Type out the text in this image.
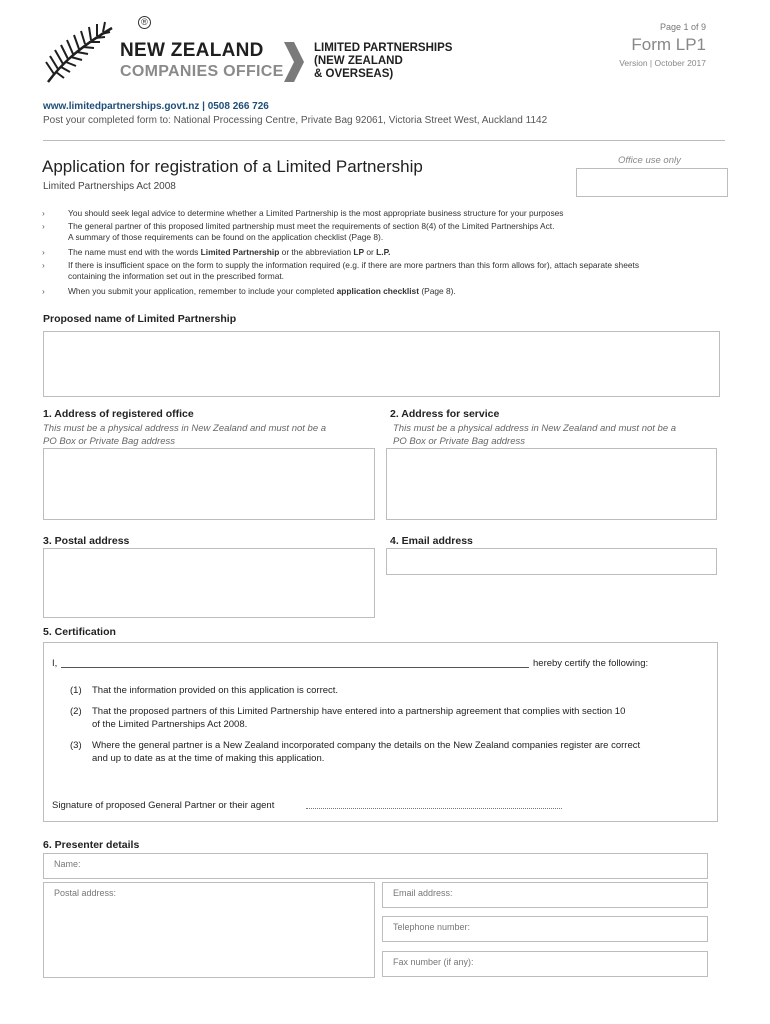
®
NEW ZEALAND
COMPANIES OFFICE
LIMITED PARTNERSHIPS
(NEW ZEALAND
& OVERSEAS)
Page 1 of 9
Form LP1
Version | October 2017
www.limitedpartnerships.govt.nz | 0508 266 726
Post your completed form to: National Processing Centre, Private Bag 92061, Victoria Street West, Auckland 1142
Application for registration of a Limited Partnership
Limited Partnerships Act 2008
Office use only
›	You should seek legal advice to determine whether a Limited Partnership is the most appropriate business structure for your purposes
›	The general partner of this proposed limited partnership must meet the requirements of section 8(4) of the Limited Partnerships Act.
A summary of those requirements can be found on the application checklist (Page 8).
›	The name must end with the words Limited Partnership or the abbreviation LP or L.P.
›	If there is insufficient space on the form to supply the information required (e.g. if there are more partners than this form allows for), attach separate sheets
containing the information set out in the prescribed format.
›	When you submit your application, remember to include your completed application checklist (Page 8).
Proposed name of Limited Partnership
1. Address of registered office
This must be a physical address in New Zealand and must not be a PO Box or Private Bag address
2. Address for service
This must be a physical address in New Zealand and must not be a PO Box or Private Bag address
3. Postal address	4. Email address
5. Certification
I,	hereby certify the following:
(1) That the information provided on this application is correct.
(2) That the proposed partners of this Limited Partnership have entered into a partnership agreement that complies with section 10
of the Limited Partnerships Act 2008.
(3) Where the general partner is a New Zealand incorporated company the details on the New Zealand companies register are correct
and up to date as at the time of making this application.
Signature of proposed General Partner or their agent
6. Presenter details
Name:
Postal address:	Email address:
Telephone number:
Fax number (if any):
